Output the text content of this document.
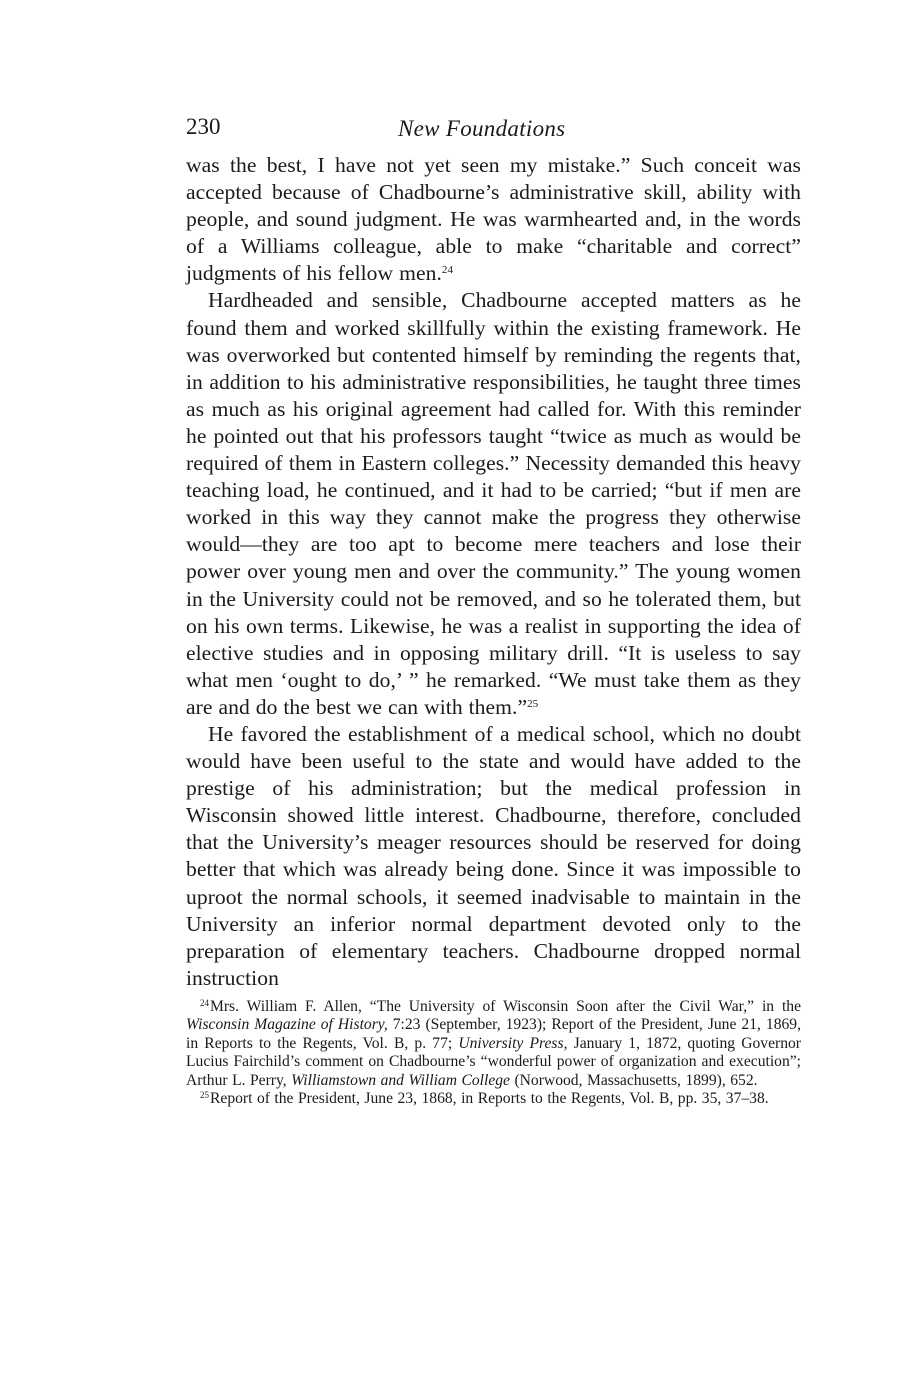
230	New Foundations

was the best, I have not yet seen my mistake.” Such conceit was accepted because of Chadbourne’s administrative skill, ability with people, and sound judgment. He was warmhearted and, in the words of a Williams colleague, able to make “charitable and correct” judgments of his fellow men.$^{24}$

Hardheaded and sensible, Chadbourne accepted matters as he found them and worked skillfully within the existing framework. He was overworked but contented himself by reminding the regents that, in addition to his administrative responsibilities, he taught three times as much as his original agreement had called for. With this reminder he pointed out that his professors taught “twice as much as would be required of them in Eastern colleges.” Necessity demanded this heavy teaching load, he continued, and it had to be carried; “but if men are worked in this way they cannot make the progress they otherwise would—they are too apt to become mere teachers and lose their power over young men and over the community.” The young women in the University could not be removed, and so he tolerated them, but on his own terms. Likewise, he was a realist in supporting the idea of elective studies and in opposing military drill. “It is useless to say what men ‘ought to do,’ ” he remarked. “We must take them as they are and do the best we can with them.”$^{25}$

He favored the establishment of a medical school, which no doubt would have been useful to the state and would have added to the prestige of his administration; but the medical profession in Wisconsin showed little interest. Chadbourne, therefore, concluded that the University’s meager resources should be reserved for doing better that which was already being done. Since it was impossible to uproot the normal schools, it seemed inadvisable to maintain in the University an inferior normal department devoted only to the preparation of elementary teachers. Chadbourne dropped normal instruction

$^{24}$Mrs. William F. Allen, “The University of Wisconsin Soon after the Civil War,” in the Wisconsin Magazine of History, 7:23 (September, 1923); Report of the President, June 21, 1869, in Reports to the Regents, Vol. B, p. 77; University Press, January 1, 1872, quoting Governor Lucius Fairchild’s comment on Chadbourne’s “wonderful power of organization and execution”; Arthur L. Perry, Williamstown and William College (Norwood, Massachusetts, 1899), 652.

$^{25}$Report of the President, June 23, 1868, in Reports to the Regents, Vol. B, pp. 35, 37–38.
